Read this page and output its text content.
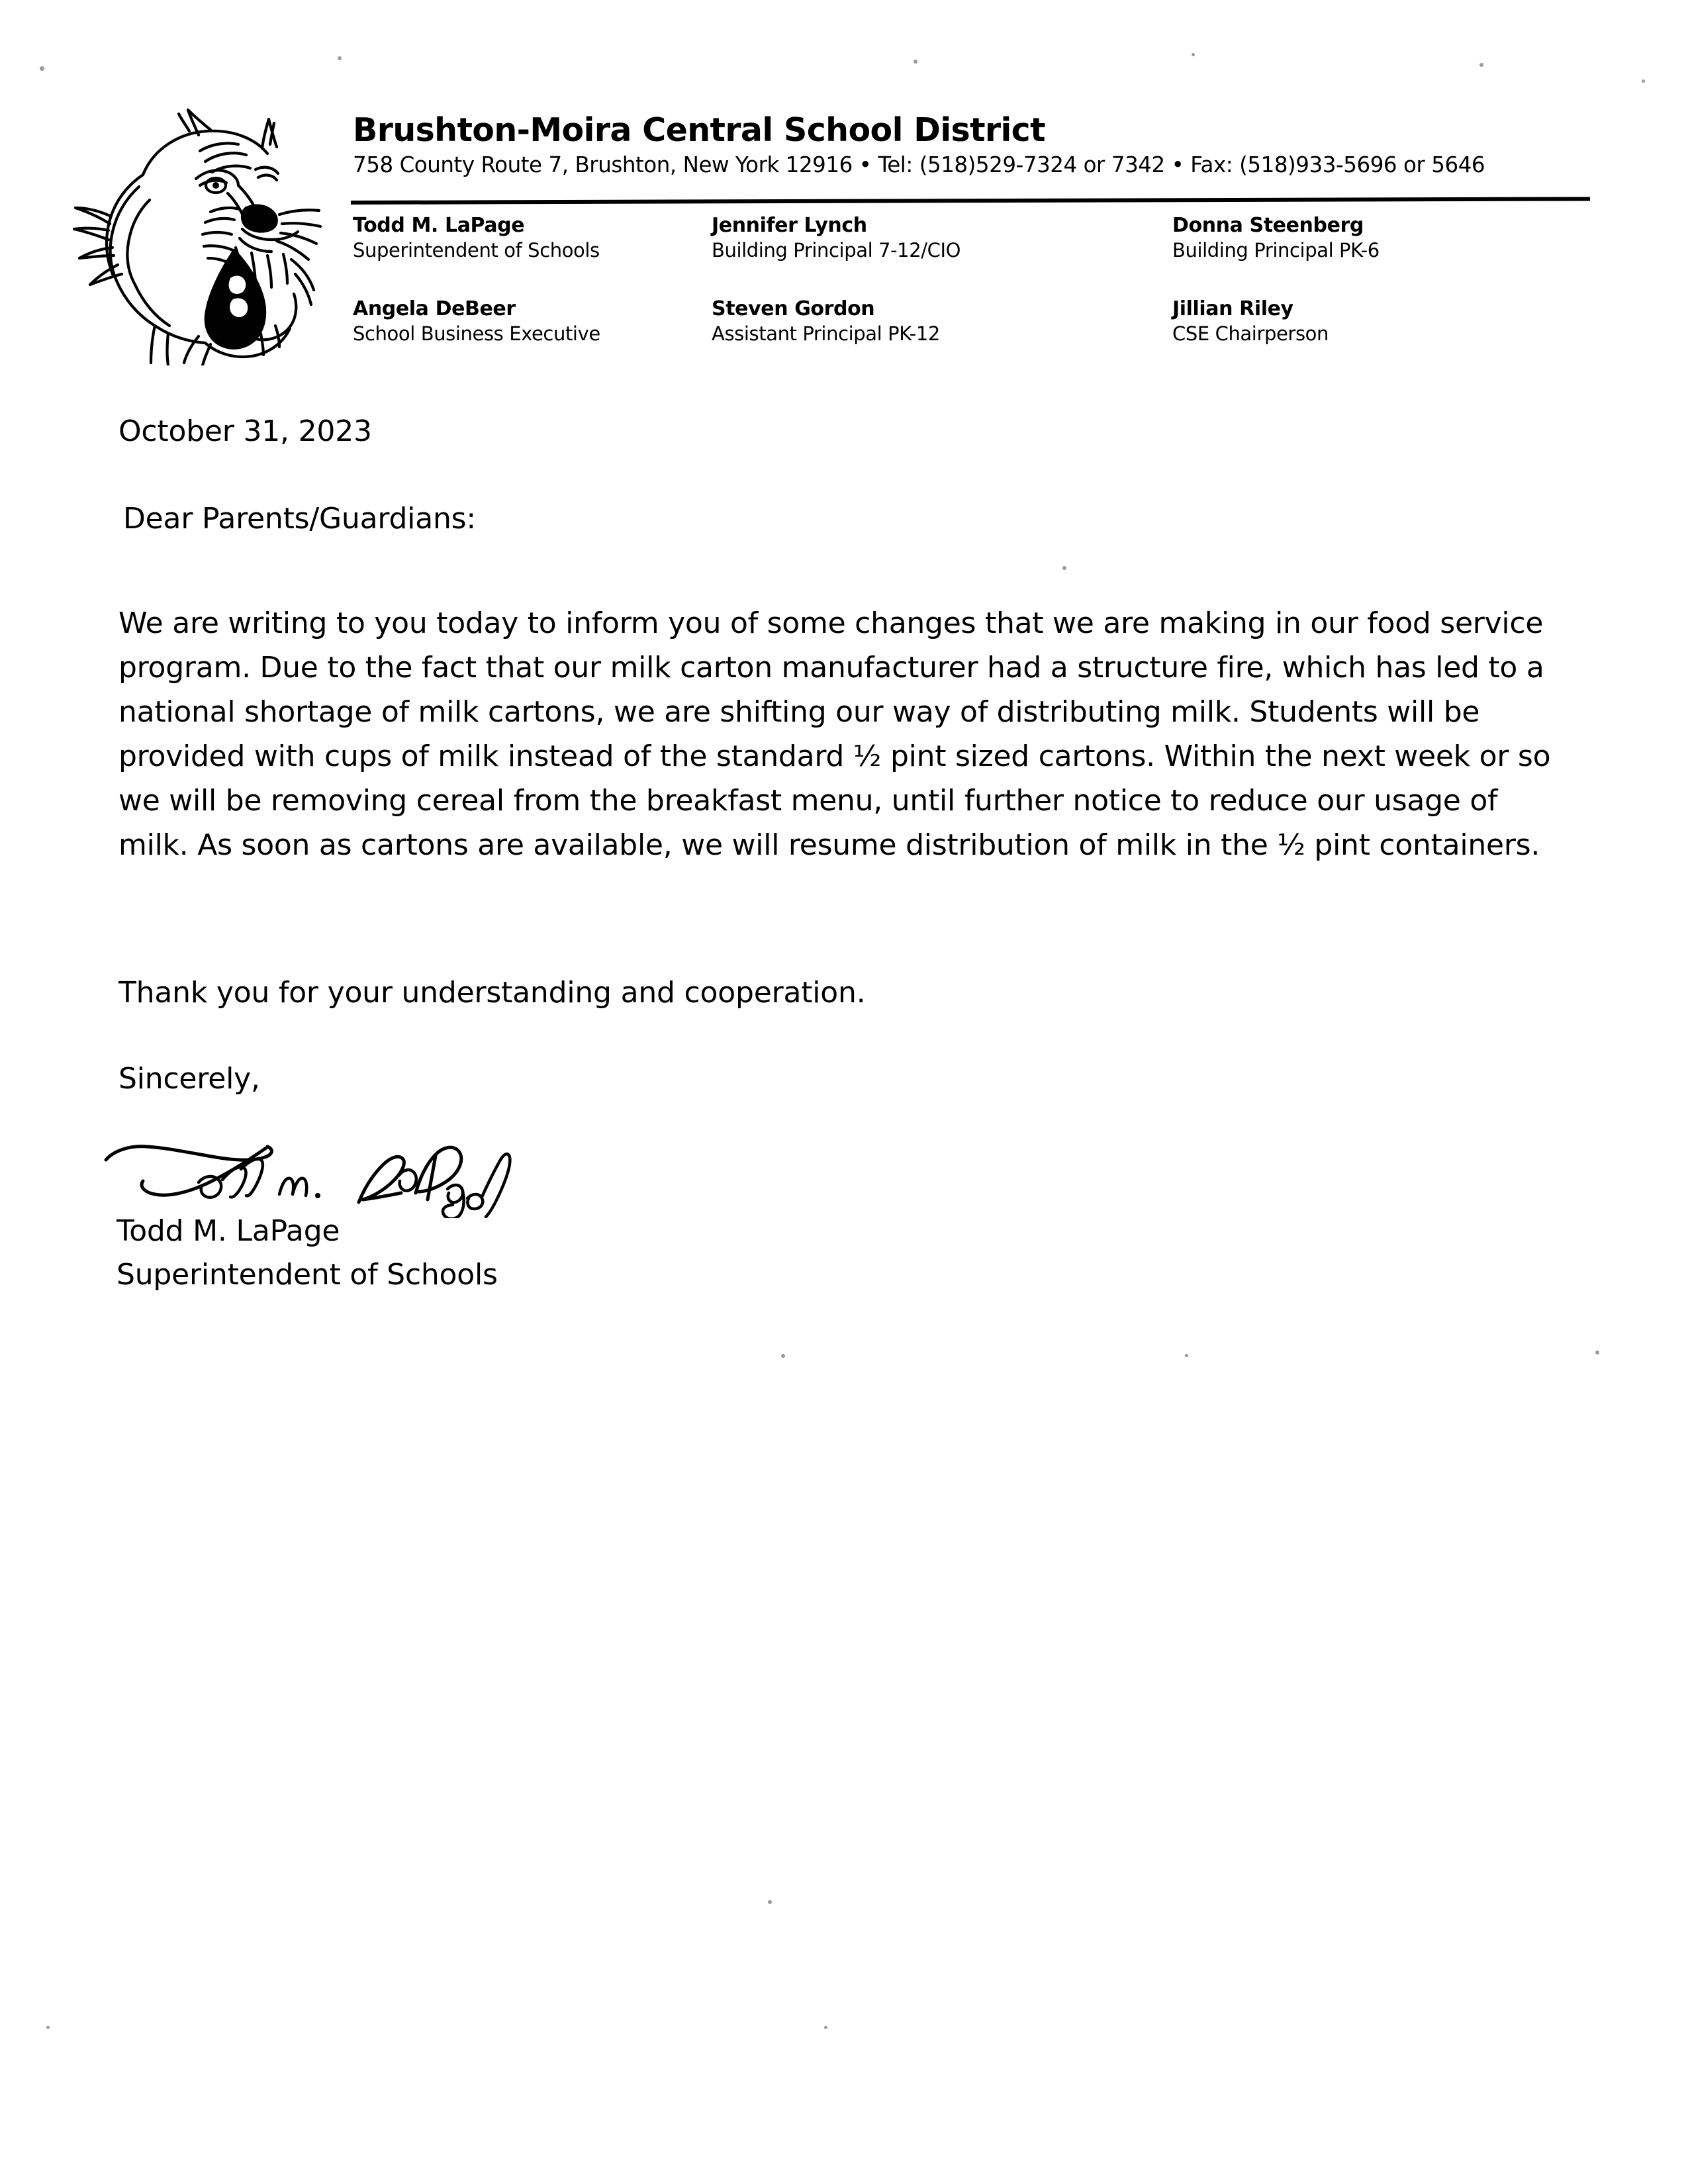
Brushton-Moira Central School District
758 County Route 7, Brushton, New York 12916 • Tel: (518)529-7324 or 7342 • Fax: (518)933-5696 or 5646
Todd M. LaPage
Superintendent of Schools
Jennifer Lynch
Building Principal 7-12/CIO
Donna Steenberg
Building Principal PK-6
Angela DeBeer
School Business Executive
Steven Gordon
Assistant Principal PK-12
Jillian Riley
CSE Chairperson
October 31, 2023
Dear Parents/Guardians:
We are writing to you today to inform you of some changes that we are making in our food service program. Due to the fact that our milk carton manufacturer had a structure fire, which has led to a national shortage of milk cartons, we are shifting our way of distributing milk. Students will be provided with cups of milk instead of the standard ½ pint sized cartons. Within the next week or so we will be removing cereal from the breakfast menu, until further notice to reduce our usage of milk. As soon as cartons are available, we will resume distribution of milk in the ½ pint containers.
Thank you for your understanding and cooperation.
Sincerely,
Todd M. LaPage
Superintendent of Schools
